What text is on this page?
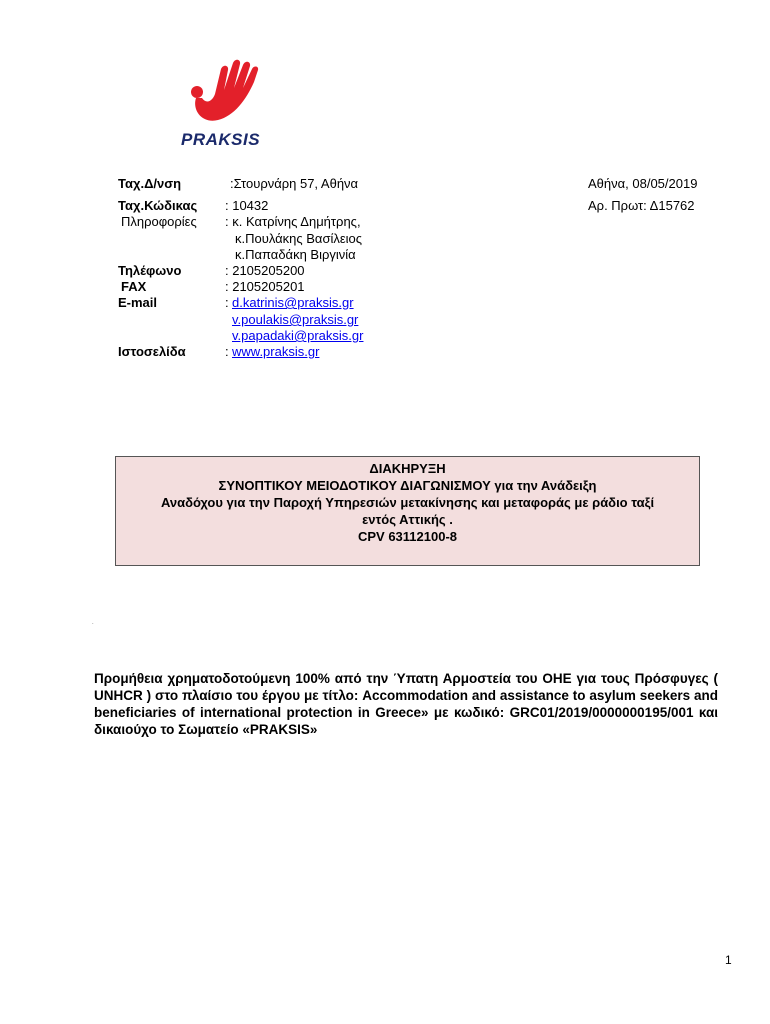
PRAKSIS
Ταχ.Δ/νση	:Στουρνάρη 57, Αθήνα
Ταχ.Κώδικας : 10432
Πληροφορίες : κ. Κατρίνης Δημήτρης,
κ.Πουλάκης Βασίλειος
κ.Παπαδάκη Βιργινία
Τηλέφωνο	: 2105205200
FAX	: 2105205201
E-mail	: d.katrinis@praksis.gr
v.poulakis@praksis.gr
v.papadaki@praksis.gr
Ιστοσελίδα	: www.praksis.gr
Αθήνα, 08/05/2019
Αρ. Πρωτ: Δ15762
ΔΙΑΚΗΡΥΞΗ
ΣΥΝΟΠΤΙΚΟΥ ΜΕΙΟΔΟΤΙΚΟΥ ΔΙΑΓΩΝΙΣΜΟΥ για την Ανάδειξη
Αναδόχου για την Παροχή Υπηρεσιών μετακίνησης και μεταφοράς με ράδιο ταξί
εντός Αττικής .
CPV 63112100-8
.
Προμήθεια χρηματοδοτούμενη 100% από την Ύπατη Αρμοστεία του ΟΗΕ για τους Πρόσφυγες ( UNHCR ) στο πλαίσιο του έργου με τίτλο: Accommodation and assistance to asylum seekers and beneficiaries of international protection in Greece» με κωδικό: GRC01/2019/0000000195/001 και δικαιούχο το Σωματείο «PRAKSIS»
1
